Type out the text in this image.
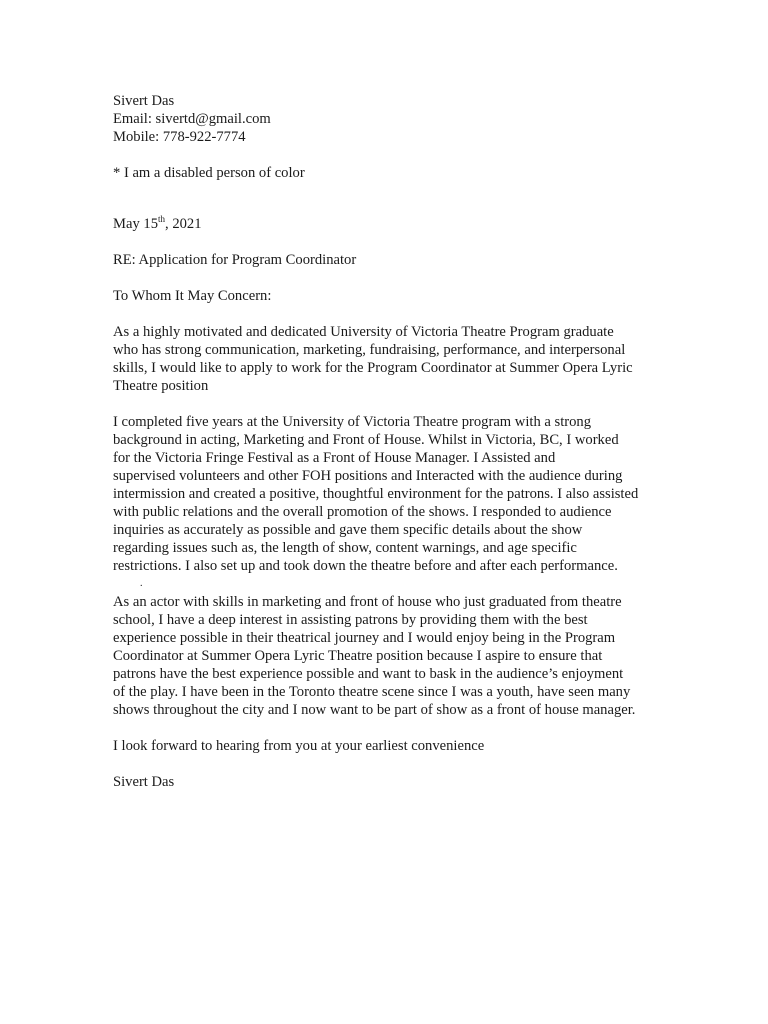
Sivert Das
Email: sivertd@gmail.com
Mobile: 778-922-7774

* I am a disabled person of color

May 15th, 2021

RE: Application for Program Coordinator

To Whom It May Concern:

As a highly motivated and dedicated University of Victoria Theatre Program graduate
who has strong communication, marketing, fundraising, performance, and interpersonal
skills, I would like to apply to work for the Program Coordinator at Summer Opera Lyric
Theatre position

I completed five years at the University of Victoria Theatre program with a strong
background in acting, Marketing and Front of House. Whilst in Victoria, BC, I worked
for the Victoria Fringe Festival as a Front of House Manager. I Assisted and
supervised volunteers and other FOH positions and Interacted with the audience during
intermission and created a positive, thoughtful environment for the patrons. I also assisted
with public relations and the overall promotion of the shows. I responded to audience
inquiries as accurately as possible and gave them specific details about the show
regarding issues such as, the length of show, content warnings, and age specific
restrictions. I also set up and took down the theatre before and after each performance.

.

As an actor with skills in marketing and front of house who just graduated from theatre
school, I have a deep interest in assisting patrons by providing them with the best
experience possible in their theatrical journey and I would enjoy being in the Program
Coordinator at Summer Opera Lyric Theatre position because I aspire to ensure that
patrons have the best experience possible and want to bask in the audience’s enjoyment
of the play. I have been in the Toronto theatre scene since I was a youth, have seen many
shows throughout the city and I now want to be part of show as a front of house manager.

I look forward to hearing from you at your earliest convenience

Sivert Das
